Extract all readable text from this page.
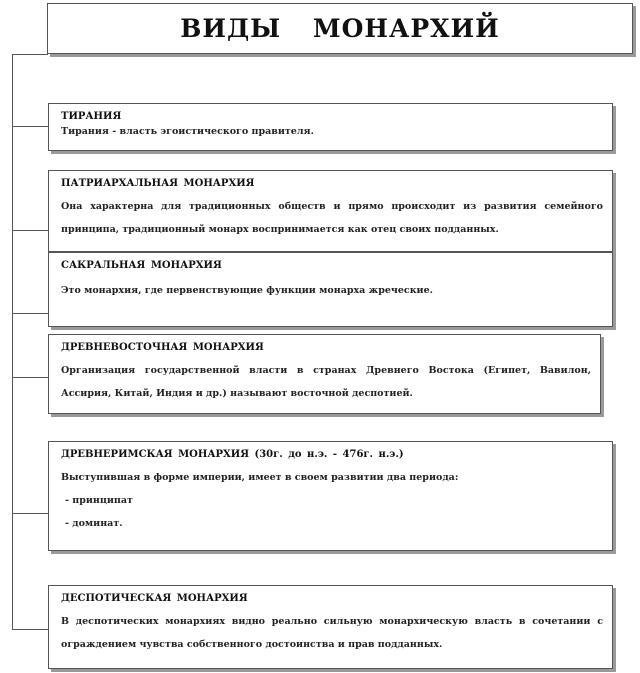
ВИДЫ МОНАРХИЙ
ТИРАНИЯ
Тирания - власть эгоистического правителя.
ПАТРИАРХАЛЬНАЯ МОНАРХИЯ
Она характерна для традиционных обществ и прямо происходит из развития семейного принципа, традиционный монарх воспринимается как отец своих подданных.
САКРАЛЬНАЯ МОНАРХИЯ
Это монархия, где первенствующие функции монарха жреческие.
ДРЕВНЕВОСТОЧНАЯ МОНАРХИЯ
Организация государственной власти в странах Древнего Востока (Египет, Вавилон, Ассирия, Китай, Индия и др.) называют восточной деспотией.
ДРЕВНЕРИМСКАЯ МОНАРХИЯ (30г. до н.э. - 476г. н.э.)
Выступившая в форме империи, имеет в своем развитии два периода:
- принципат
- доминат.
ДЕСПОТИЧЕСКАЯ МОНАРХИЯ
В деспотических монархиях видно реально сильную монархическую власть в сочетании с ограждением чувства собственного достоинства и прав подданных.
